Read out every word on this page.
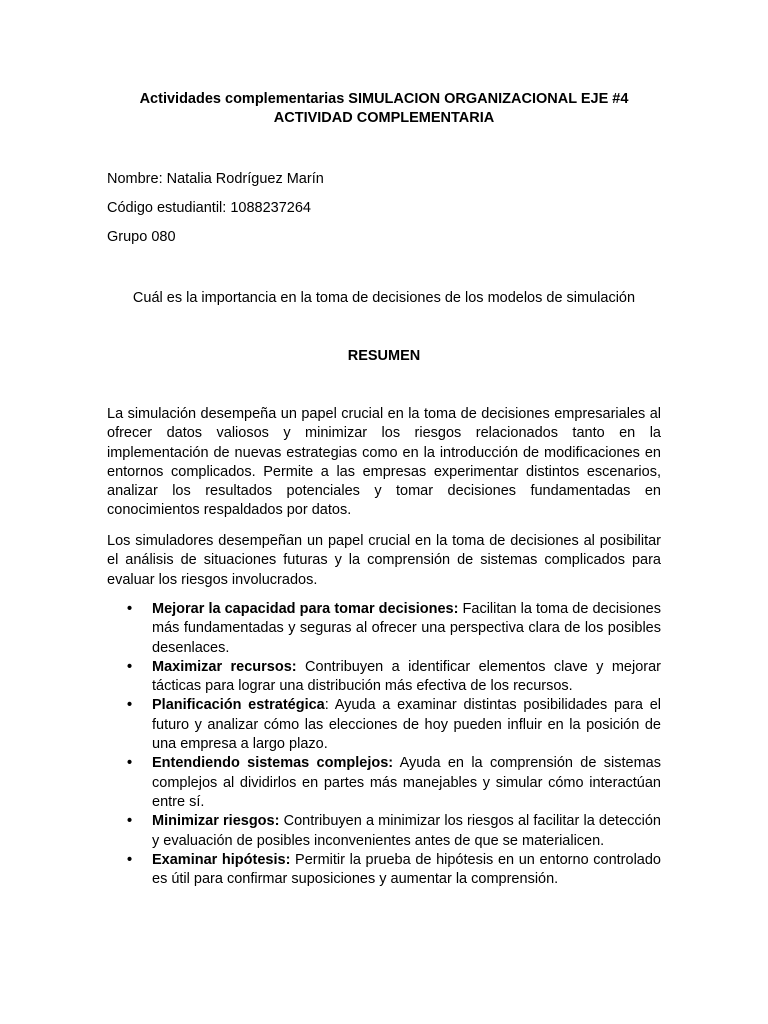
Actividades complementarias SIMULACION ORGANIZACIONAL EJE #4
ACTIVIDAD COMPLEMENTARIA
Nombre: Natalia Rodríguez Marín
Código estudiantil: 1088237264
Grupo 080
Cuál es la importancia en la toma de decisiones de los modelos de simulación
RESUMEN

La simulación desempeña un papel crucial en la toma de decisiones empresariales al ofrecer datos valiosos y minimizar los riesgos relacionados tanto en la implementación de nuevas estrategias como en la introducción de modificaciones en entornos complicados. Permite a las empresas experimentar distintos escenarios, analizar los resultados potenciales y tomar decisiones fundamentadas en conocimientos respaldados por datos.

Los simuladores desempeñan un papel crucial en la toma de decisiones al posibilitar el análisis de situaciones futuras y la comprensión de sistemas complicados para evaluar los riesgos involucrados.

• Mejorar la capacidad para tomar decisiones: Facilitan la toma de decisiones más fundamentadas y seguras al ofrecer una perspectiva clara de los posibles desenlaces.
• Maximizar recursos: Contribuyen a identificar elementos clave y mejorar tácticas para lograr una distribución más efectiva de los recursos.
• Planificación estratégica: Ayuda a examinar distintas posibilidades para el futuro y analizar cómo las elecciones de hoy pueden influir en la posición de una empresa a largo plazo.
• Entendiendo sistemas complejos: Ayuda en la comprensión de sistemas complejos al dividirlos en partes más manejables y simular cómo interactúan entre sí.
• Minimizar riesgos: Contribuyen a minimizar los riesgos al facilitar la detección y evaluación de posibles inconvenientes antes de que se materialicen.
• Examinar hipótesis: Permitir la prueba de hipótesis en un entorno controlado es útil para confirmar suposiciones y aumentar la comprensión.
